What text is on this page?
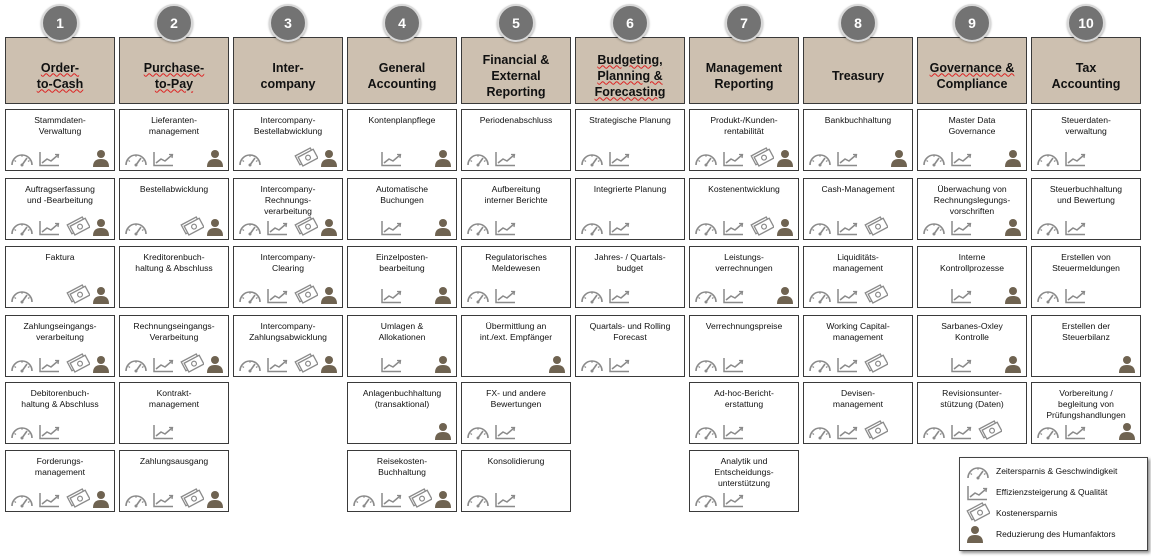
1
Order-
to-Cash
Stammdaten-
Verwaltung
Auftragserfassung
und -Bearbeitung
Faktura
Zahlungseingangs-
verarbeitung
Debitorenbuch-
haltung & Abschluss
Forderungs-
management
2
Purchase-
to-Pay
Lieferanten-
management
Bestellabwicklung
Kreditorenbuch-
haltung & Abschluss
Rechnungseingangs-
Verarbeitung
Kontrakt-
management
Zahlungsausgang
3
Inter-
company
Intercompany-
Bestellabwicklung
Intercompany-
Rechnungs-
verarbeitung
Intercompany-
Clearing
Intercompany-
Zahlungsabwicklung
4
General
Accounting
Kontenplanpflege
Automatische
Buchungen
Einzelposten-
bearbeitung
Umlagen &
Allokationen
Anlagenbuchhaltung
(transaktional)
Reisekosten-
Buchhaltung
5
Financial &
External
Reporting
Periodenabschluss
Aufbereitung
interner Berichte
Regulatorisches
Meldewesen
Übermittlung an
int./ext. Empfänger
FX- und andere
Bewertungen
Konsolidierung
6
Budgeting,
Planning &
Forecasting
Strategische Planung
Integrierte Planung
Jahres- / Quartals-
budget
Quartals- und Rolling
Forecast
7
Management
Reporting
Produkt-/Kunden-
rentabilität
Kostenentwicklung
Leistungs-
verrechnungen
Verrechnungspreise
Ad-hoc-Bericht-
erstattung
Analytik und
Entscheidungs-
unterstützung
8
Treasury
Bankbuchhaltung
Cash-Management
Liquiditäts-
management
Working Capital-
management
Devisen-
management
9
Governance &
Compliance
Master Data
Governance
Überwachung von
Rechnungslegungs-
vorschriften
Interne
Kontrollprozesse
Sarbanes-Oxley
Kontrolle
Revisionsunter-
stützung (Daten)
10
Tax
Accounting
Steuerdaten-
verwaltung
Steuerbuchhaltung
und Bewertung
Erstellen von
Steuermeldungen
Erstellen der
Steuerbilanz
Vorbereitung /
begleitung von
Prüfungshandlungen
Zeitersparnis & Geschwindigkeit
Effizienzsteigerung & Qualität
Kostenersparnis
Reduzierung des Humanfaktors
